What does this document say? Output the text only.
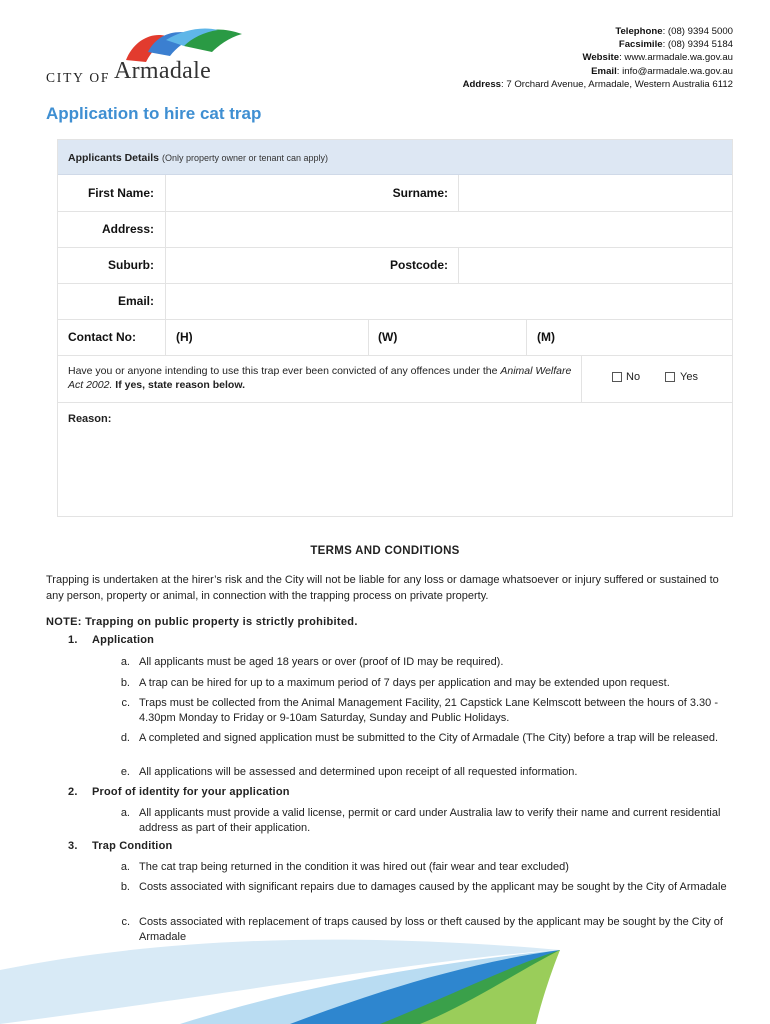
CITY OF Armadale
Telephone: (08) 9394 5000
Facsimile: (08) 9394 5184
Website: www.armadale.wa.gov.au
Email: info@armadale.wa.gov.au
Address: 7 Orchard Avenue, Armadale, Western Australia 6112
Application to hire cat trap
Applicants Details (Only property owner or tenant can apply)
First Name:	Surname:
Address:
Suburb:	Postcode:
Email:
Contact No:	(H)	(W)	(M)
Have you or anyone intending to use this trap ever been convicted of any offences under the Animal Welfare Act 2002. If yes, state reason below.
No	Yes
Reason:
TERMS AND CONDITIONS
Trapping is undertaken at the hirer’s risk and the City will not be liable for any loss or damage whatsoever or injury suffered or sustained to any person, property or animal, in connection with the trapping process on private property.
NOTE: Trapping on public property is strictly prohibited.
1. Application
a. All applicants must be aged 18 years or over (proof of ID may be required).
b. A trap can be hired for up to a maximum period of 7 days per application and may be extended upon request.
c. Traps must be collected from the Animal Management Facility, 21 Capstick Lane Kelmscott between the hours of 3.30 - 4.30pm Monday to Friday or 9-10am Saturday, Sunday and Public Holidays.
d. A completed and signed application must be submitted to the City of Armadale (The City) before a trap will be released.
e. All applications will be assessed and determined upon receipt of all requested information.
2. Proof of identity for your application
a. All applicants must provide a valid license, permit or card under Australia law to verify their name and current residential address as part of their application.
3. Trap Condition
a. The cat trap being returned in the condition it was hired out (fair wear and tear excluded)
b. Costs associated with significant repairs due to damages caused by the applicant may be sought by the City of Armadale
c. Costs associated with replacement of traps caused by loss or theft caused by the applicant may be sought by the City of Armadale
